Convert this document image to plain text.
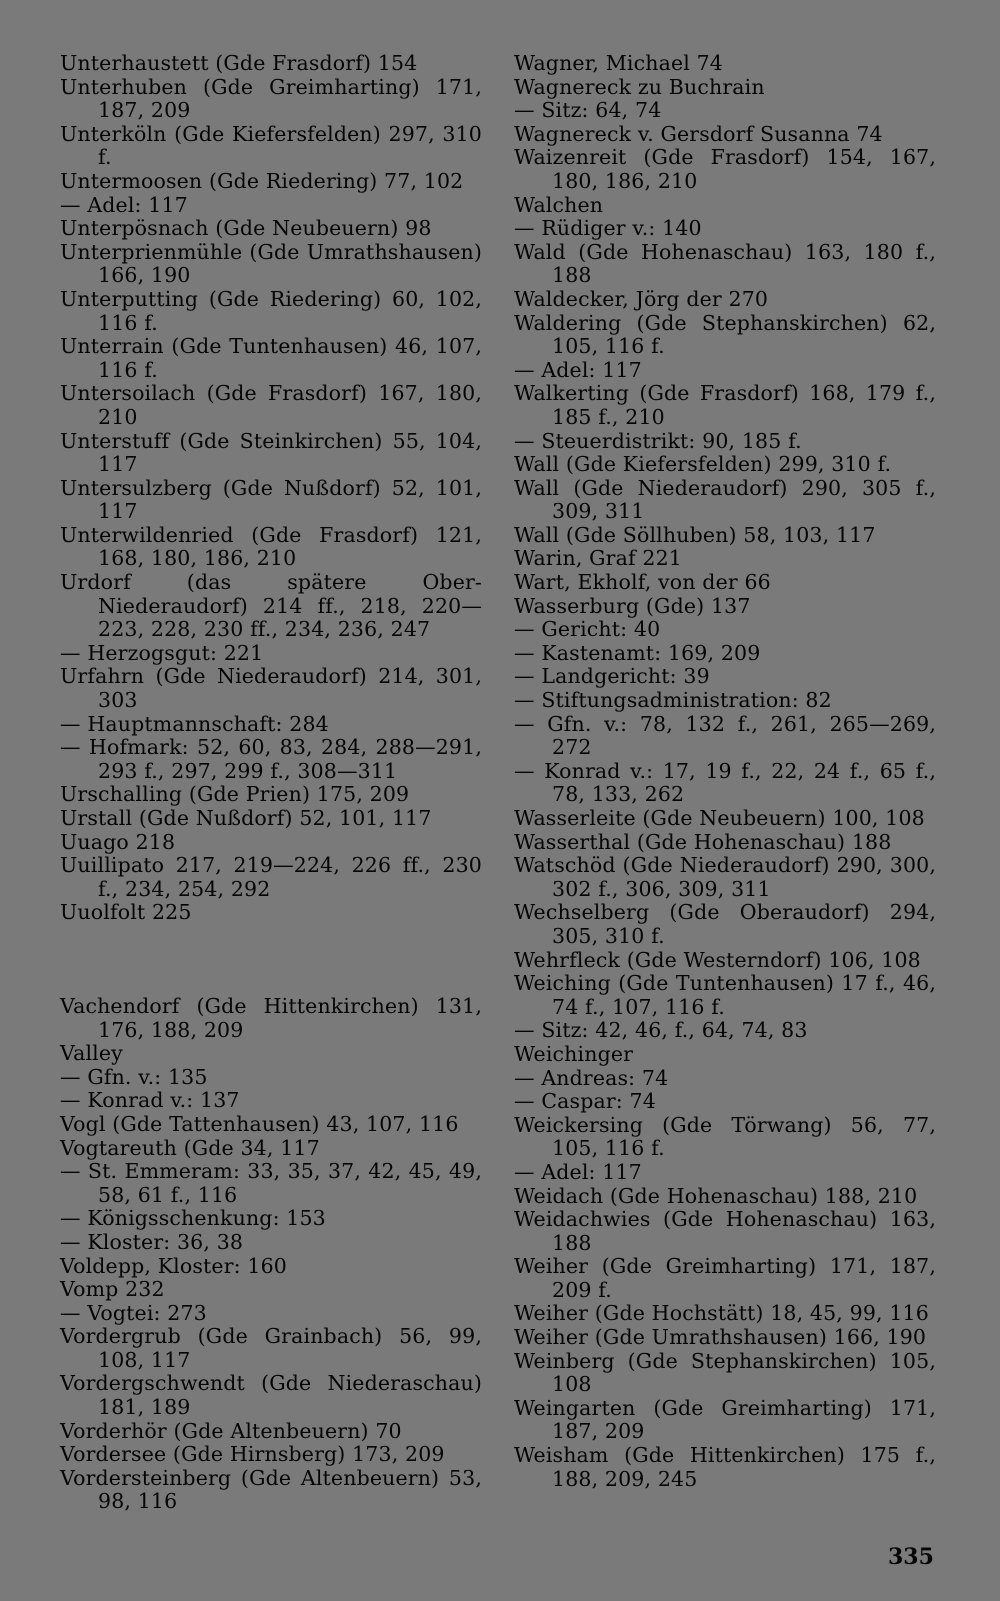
Unterhaustett (Gde Frasdorf) 154
Unterhuben (Gde Greimharting) 171, 187, 209
Unterköln (Gde Kiefersfelden) 297, 310 f.
Untermoosen (Gde Riedering) 77, 102
— Adel: 117
Unterpösnach (Gde Neubeuern) 98
Unterprienmühle (Gde Umrathshausen) 166, 190
Unterputting (Gde Riedering) 60, 102, 116 f.
Unterrain (Gde Tuntenhausen) 46, 107, 116 f.
Untersoilach (Gde Frasdorf) 167, 180, 210
Unterstuff (Gde Steinkirchen) 55, 104, 117
Untersulzberg (Gde Nußdorf) 52, 101, 117
Unterwildenried (Gde Frasdorf) 121, 168, 180, 186, 210
Urdorf (das spätere Ober-Niederaudorf) 214 ff., 218, 220—223, 228, 230 ff., 234, 236, 247
— Herzogsgut: 221
Urfahrn (Gde Niederaudorf) 214, 301, 303
— Hauptmannschaft: 284
— Hofmark: 52, 60, 83, 284, 288—291, 293 f., 297, 299 f., 308—311
Urschalling (Gde Prien) 175, 209
Urstall (Gde Nußdorf) 52, 101, 117
Uuago 218
Uuillipato 217, 219—224, 226 ff., 230 f., 234, 254, 292
Uuolfolt 225
Vachendorf (Gde Hittenkirchen) 131, 176, 188, 209
Valley
— Gfn. v.: 135
— Konrad v.: 137
Vogl (Gde Tattenhausen) 43, 107, 116
Vogtareuth (Gde 34, 117
— St. Emmeram: 33, 35, 37, 42, 45, 49, 58, 61 f., 116
— Königsschenkung: 153
— Kloster: 36, 38
Voldepp, Kloster: 160
Vomp 232
— Vogtei: 273
Vordergrub (Gde Grainbach) 56, 99, 108, 117
Vordergschwendt (Gde Niederaschau) 181, 189
Vorderhör (Gde Altenbeuern) 70
Vordersee (Gde Hirnsberg) 173, 209
Vordersteinberg (Gde Altenbeuern) 53, 98, 116
Wagner, Michael 74
Wagnereck zu Buchrain
— Sitz: 64, 74
Wagnereck v. Gersdorf Susanna 74
Waizenreit (Gde Frasdorf) 154, 167, 180, 186, 210
Walchen
— Rüdiger v.: 140
Wald (Gde Hohenaschau) 163, 180 f., 188
Waldecker, Jörg der 270
Waldering (Gde Stephanskirchen) 62, 105, 116 f.
— Adel: 117
Walkerting (Gde Frasdorf) 168, 179 f., 185 f., 210
— Steuerdistrikt: 90, 185 f.
Wall (Gde Kiefersfelden) 299, 310 f.
Wall (Gde Niederaudorf) 290, 305 f., 309, 311
Wall (Gde Söllhuben) 58, 103, 117
Warin, Graf 221
Wart, Ekholf, von der 66
Wasserburg (Gde) 137
— Gericht: 40
— Kastenamt: 169, 209
— Landgericht: 39
— Stiftungsadministration: 82
— Gfn. v.: 78, 132 f., 261, 265—269, 272
— Konrad v.: 17, 19 f., 22, 24 f., 65 f., 78, 133, 262
Wasserleite (Gde Neubeuern) 100, 108
Wasserthal (Gde Hohenaschau) 188
Watschöd (Gde Niederaudorf) 290, 300, 302 f., 306, 309, 311
Wechselberg (Gde Oberaudorf) 294, 305, 310 f.
Wehrfleck (Gde Westerndorf) 106, 108
Weiching (Gde Tuntenhausen) 17 f., 46, 74 f., 107, 116 f.
— Sitz: 42, 46, f., 64, 74, 83
Weichinger
— Andreas: 74
— Caspar: 74
Weickersing (Gde Törwang) 56, 77, 105, 116 f.
— Adel: 117
Weidach (Gde Hohenaschau) 188, 210
Weidachwies (Gde Hohenaschau) 163, 188
Weiher (Gde Greimharting) 171, 187, 209 f.
Weiher (Gde Hochstätt) 18, 45, 99, 116
Weiher (Gde Umrathshausen) 166, 190
Weinberg (Gde Stephanskirchen) 105, 108
Weingarten (Gde Greimharting) 171, 187, 209
Weisham (Gde Hittenkirchen) 175 f., 188, 209, 245
335
